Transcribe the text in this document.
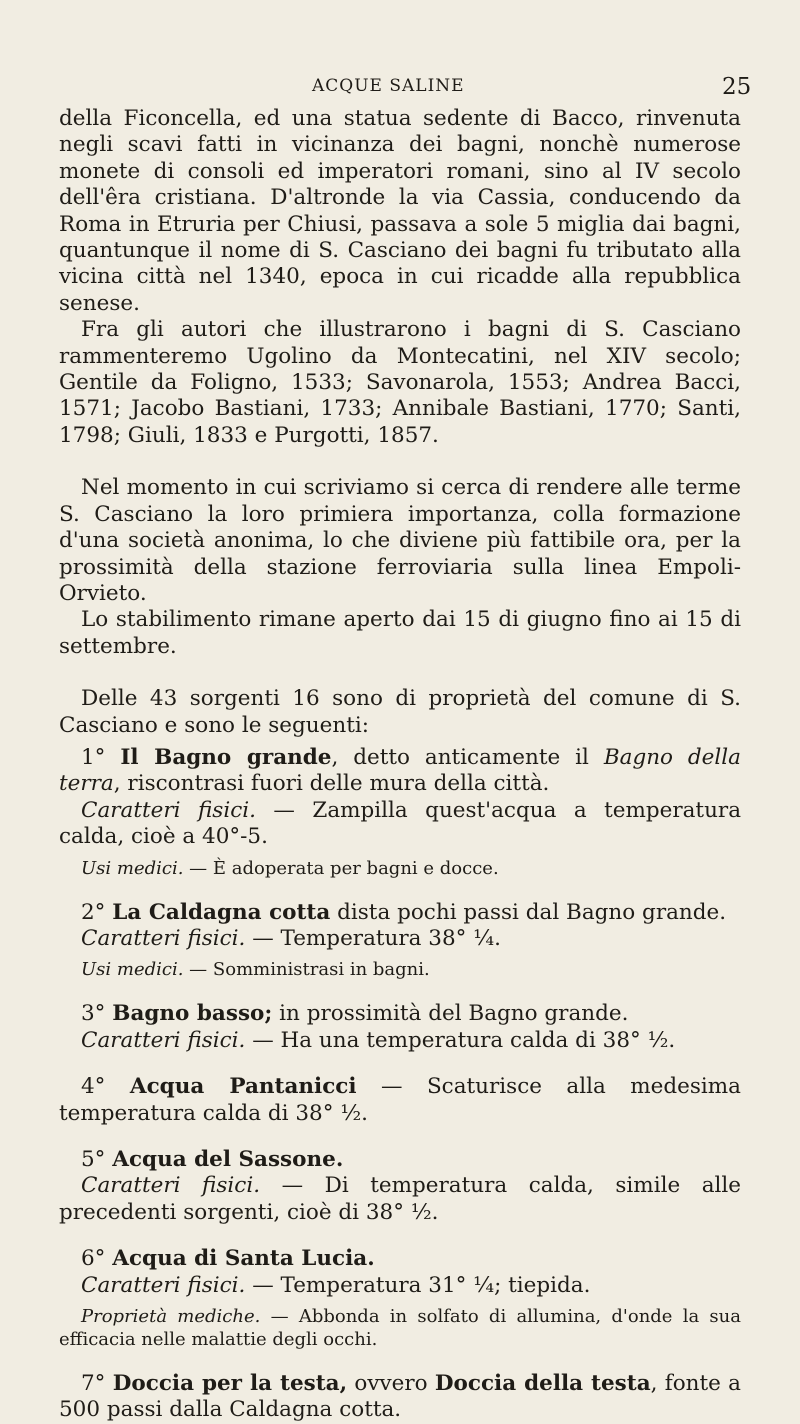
ACQUE SALINE	25

della Ficoncella, ed una statua sedente di Bacco, rinvenuta negli scavi fatti in vicinanza dei bagni, nonchè numerose monete di consoli ed imperatori romani, sino al IV secolo dell'êra cristiana. D'altronde la via Cassia, conducendo da Roma in Etruria per Chiusi, passava a sole 5 miglia dai bagni, quantunque il nome di S. Casciano dei bagni fu tributato alla vicina città nel 1340, epoca in cui ricadde alla repubblica senese.

Fra gli autori che illustrarono i bagni di S. Casciano rammenteremo Ugolino da Montecatini, nel XIV secolo; Gentile da Foligno, 1533; Savonarola, 1553; Andrea Bacci, 1571; Jacobo Bastiani, 1733; Annibale Bastiani, 1770; Santi, 1798; Giuli, 1833 e Purgotti, 1857.

Nel momento in cui scriviamo si cerca di rendere alle terme S. Casciano la loro primiera importanza, colla formazione d'una società anonima, lo che diviene più fattibile ora, per la prossimità della stazione ferroviaria sulla linea Empoli-Orvieto.

Lo stabilimento rimane aperto dai 15 di giugno fino ai 15 di settembre.

Delle 43 sorgenti 16 sono di proprietà del comune di S. Casciano e sono le seguenti:

1° Il Bagno grande, detto anticamente il Bagno della terra, riscontrasi fuori delle mura della città.

Caratteri fisici. — Zampilla quest'acqua a temperatura calda, cioè a 40°-5.

Usi medici. — È adoperata per bagni e docce.

2° La Caldagna cotta dista pochi passi dal Bagno grande.

Caratteri fisici. — Temperatura 38° ¼.

Usi medici. — Somministrasi in bagni.

3° Bagno basso; in prossimità del Bagno grande.

Caratteri fisici. — Ha una temperatura calda di 38° ½.

4° Acqua Pantanicci — Scaturisce alla medesima temperatura calda di 38° ½.

5° Acqua del Sassone.

Caratteri fisici. — Di temperatura calda, simile alle precedenti sorgenti, cioè di 38° ½.

6° Acqua di Santa Lucia.

Caratteri fisici. — Temperatura 31° ¼; tiepida.

Proprietà mediche. — Abbonda in solfato di allumina, d'onde la sua efficacia nelle malattie degli occhi.

7° Doccia per la testa, ovvero Doccia della testa, fonte a 500 passi dalla Caldagna cotta.
